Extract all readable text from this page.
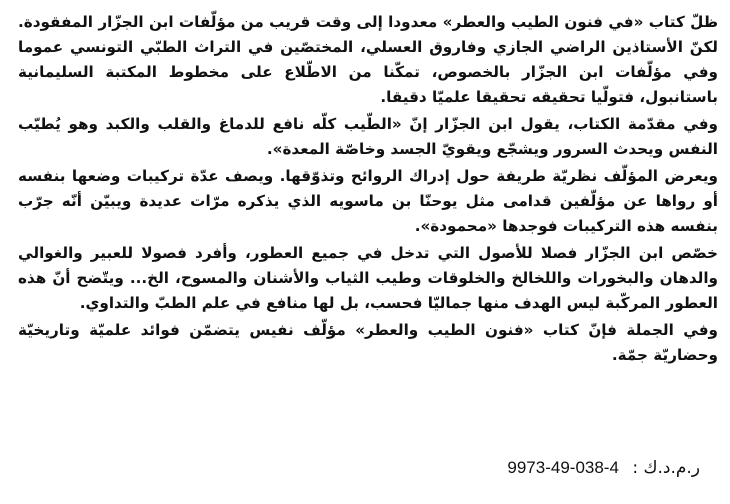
ظلّ كتاب «في فنون الطيب والعطر» معدودا إلى وقت قريب من مؤلّفات ابن الجزّار المفقودة. لكنّ الأستاذين الراضي الجازي وفاروق العسلي، المختصّين في التراث الطبّي التونسي عموما وفي مؤلّفات ابن الجزّار بالخصوص، تمكّنا من الاطّلاع على مخطوط المكتبة السليمانية باستانبول، فتولّيا تحقيقه تحقيقا علميّا دقيقا.

وفي مقدّمة الكتاب، يقول ابن الجزّار إنّ «الطّيب كلّه نافع للدماغ والقلب والكبد وهو يُطيّب النفس ويحدث السرور ويشجّع ويقويّ الجسد وخاصّة المعدة».

ويعرض المؤلّف نظريّة طريفة حول إدراك الروائح وتذوّقها. ويصف عدّة تركيبات وضعها بنفسه أو رواها عن مؤلّفين قدامى مثل يوحنّا بن ماسويه الذي يذكره مرّات عديدة ويبيّن أنّه جرّب بنفسه هذه التركيبات فوجدها «محمودة».

خصّص ابن الجزّار فصلا للأصول التي تدخل في جميع العطور، وأفرد فصولا للعبير والغوالي والدهان والبخورات واللخالخ والخلوقات وطيب الثياب والأشنان والمسوح، الخ... ويتّضح أنّ هذه العطور المركّبة ليس الهدف منها جماليّا فحسب، بل لها منافع في علم الطبّ والتداوي.

وفي الجملة فإنّ كتاب «فنون الطيب والعطر» مؤلّف نفيس يتضمّن فوائد علميّة وتاريخيّة وحضاريّة جمّة.

ر.م.د.ك : 9973-49-038-4
